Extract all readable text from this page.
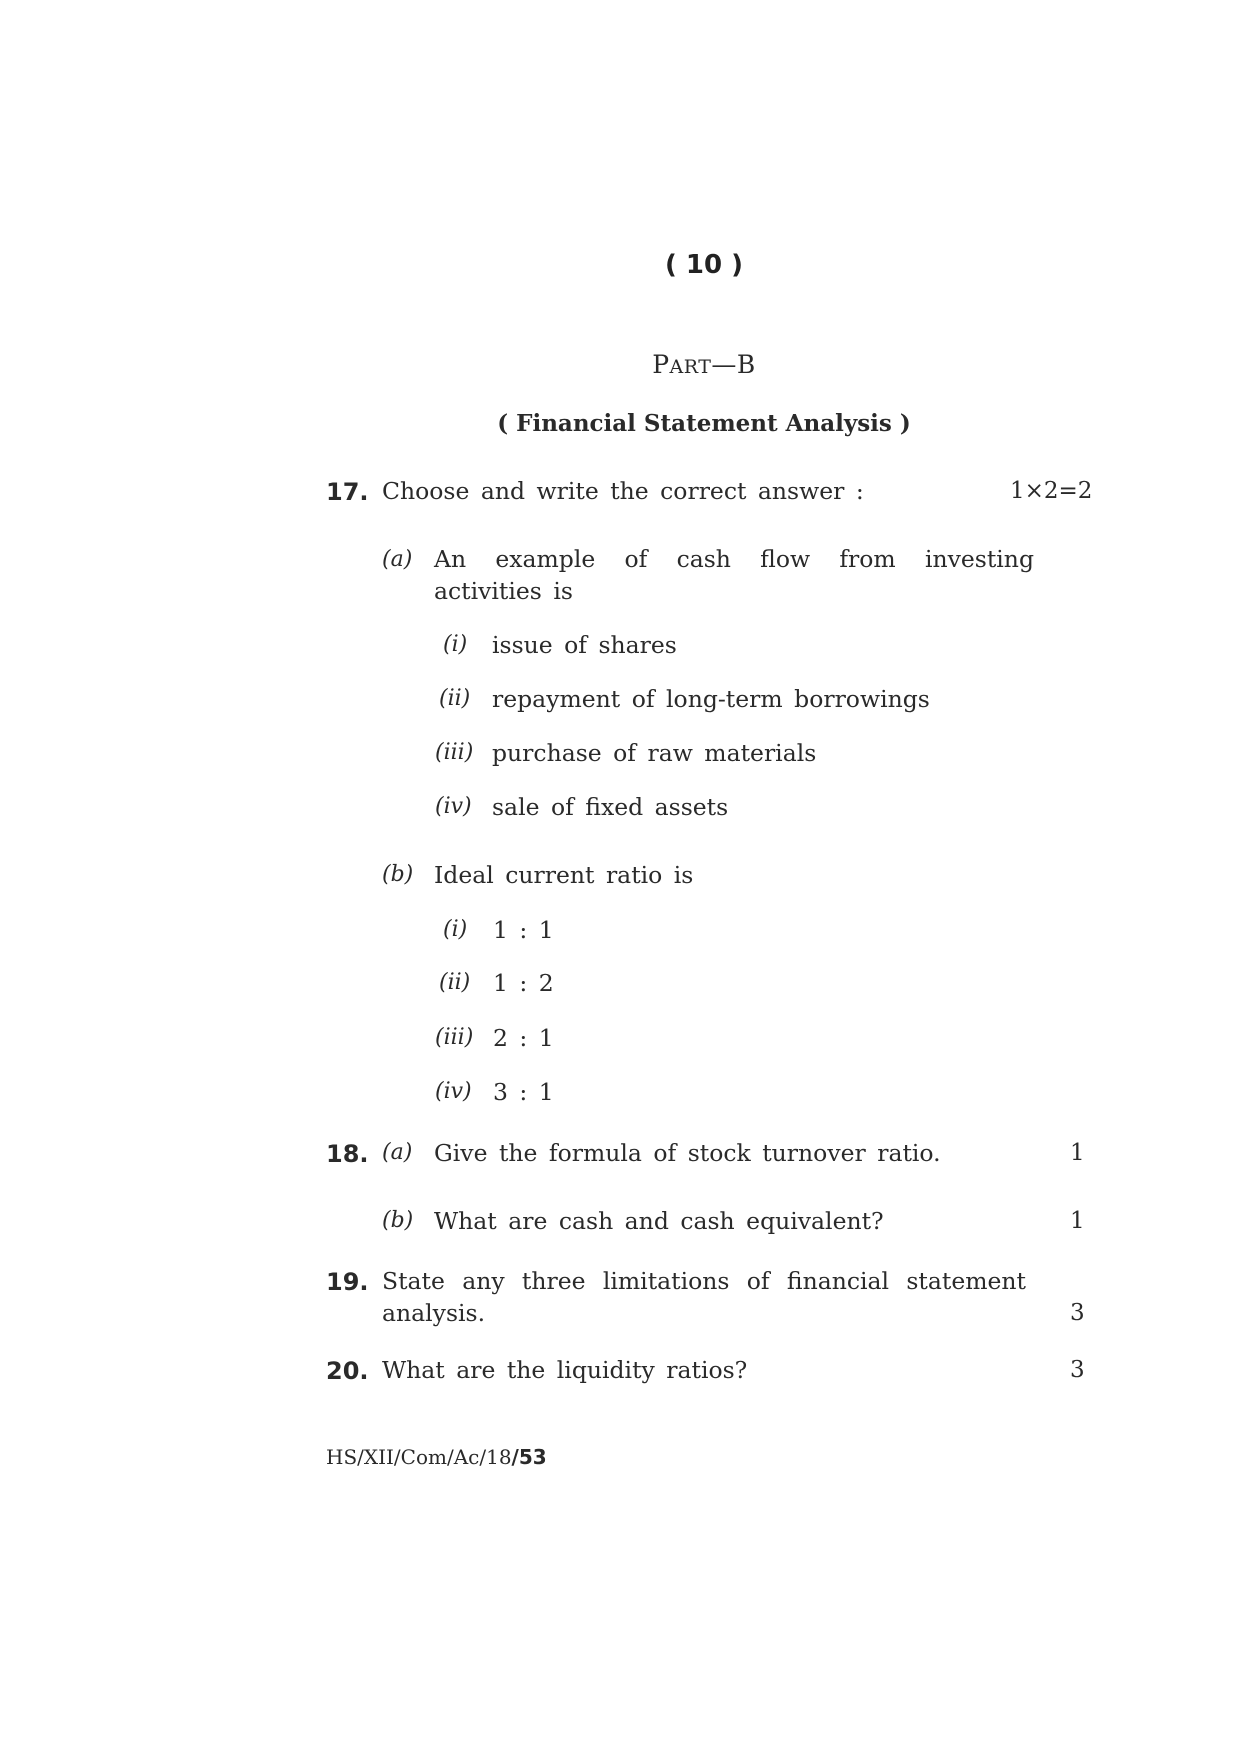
( 10 )
PART—B
( Financial Statement Analysis )
17. Choose and write the correct answer :	1×2=2
(a) An example of cash flow from investing
activities is
(i) issue of shares
(ii) repayment of long-term borrowings
(iii) purchase of raw materials
(iv) sale of fixed assets
(b) Ideal current ratio is
(i) 1 : 1
(ii) 1 : 2
(iii) 2 : 1
(iv) 3 : 1
18. (a) Give the formula of stock turnover ratio.	1
(b) What are cash and cash equivalent?	1
19. State any three limitations of financial statement
analysis.	3
20. What are the liquidity ratios?	3
HS/XII/Com/Ac/18/53
